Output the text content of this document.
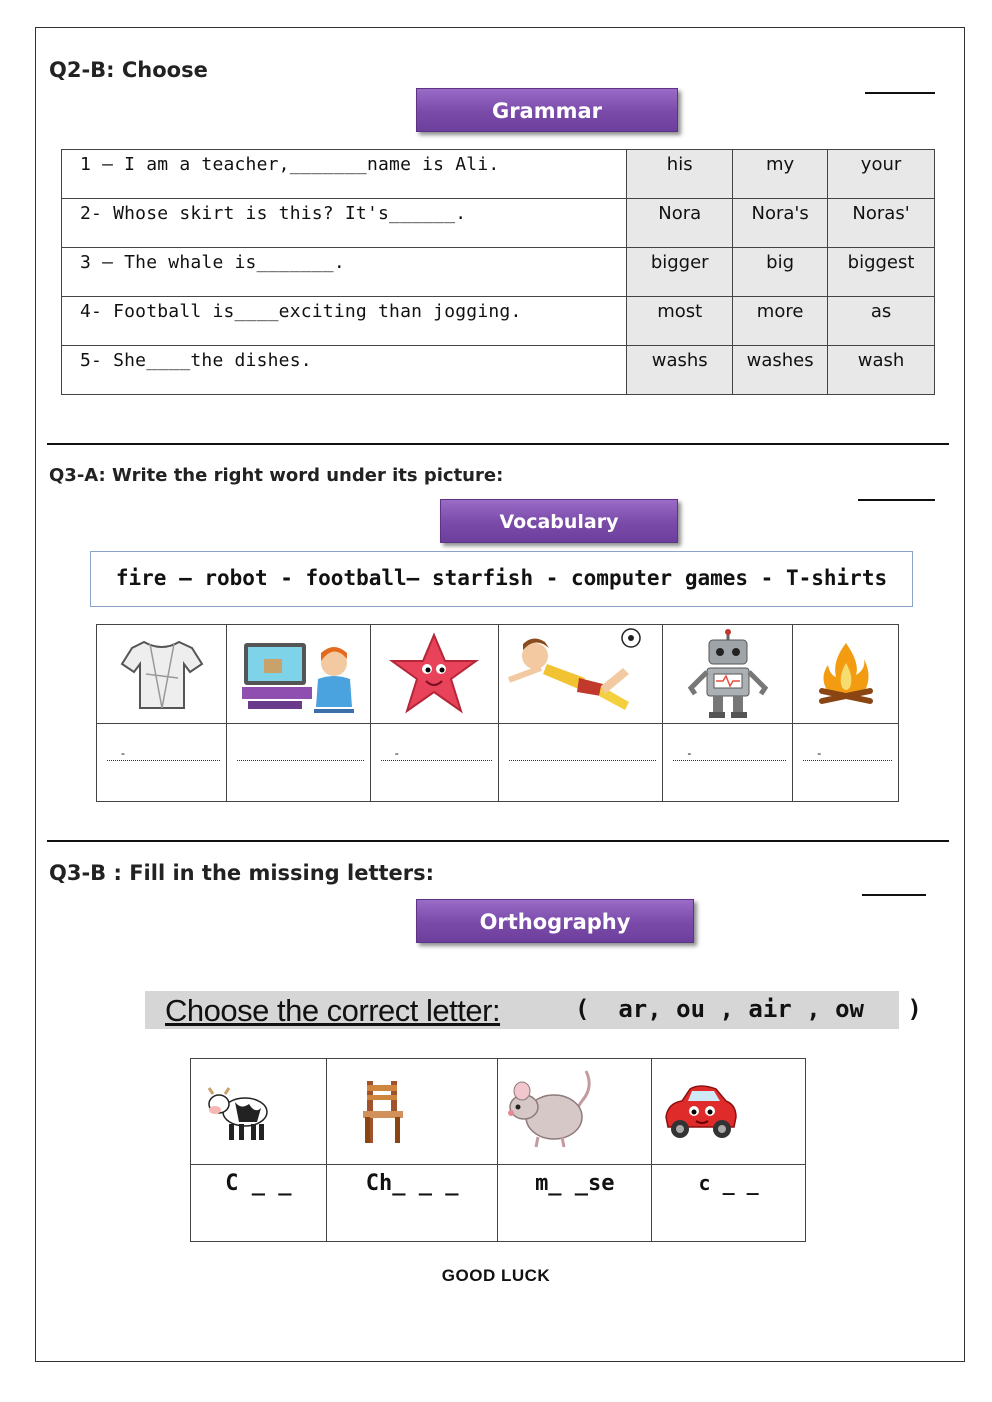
Q2-B: Choose
Grammar
1 – I am a teacher,_______name is Ali.	his	my	your
2- Whose skirt is this? It's______.	Nora	Nora's	Noras'
3 – The whale is_______.	bigger	big	biggest
4- Football is____exciting than jogging.	most	more	as
5- She____the dishes.	washs	washes	wash
Q3-A: Write the right word under its picture:
Vocabulary
fire – robot - football– starfish - computer games - T-shirts

-		-		-	-
Q3-B : Fill in the missing letters:
Orthography
Choose the correct letter:	(  ar, ou , air , ow   )

C _ _	Ch_ _ _	m_ _se	c _ _
GOOD LUCK
